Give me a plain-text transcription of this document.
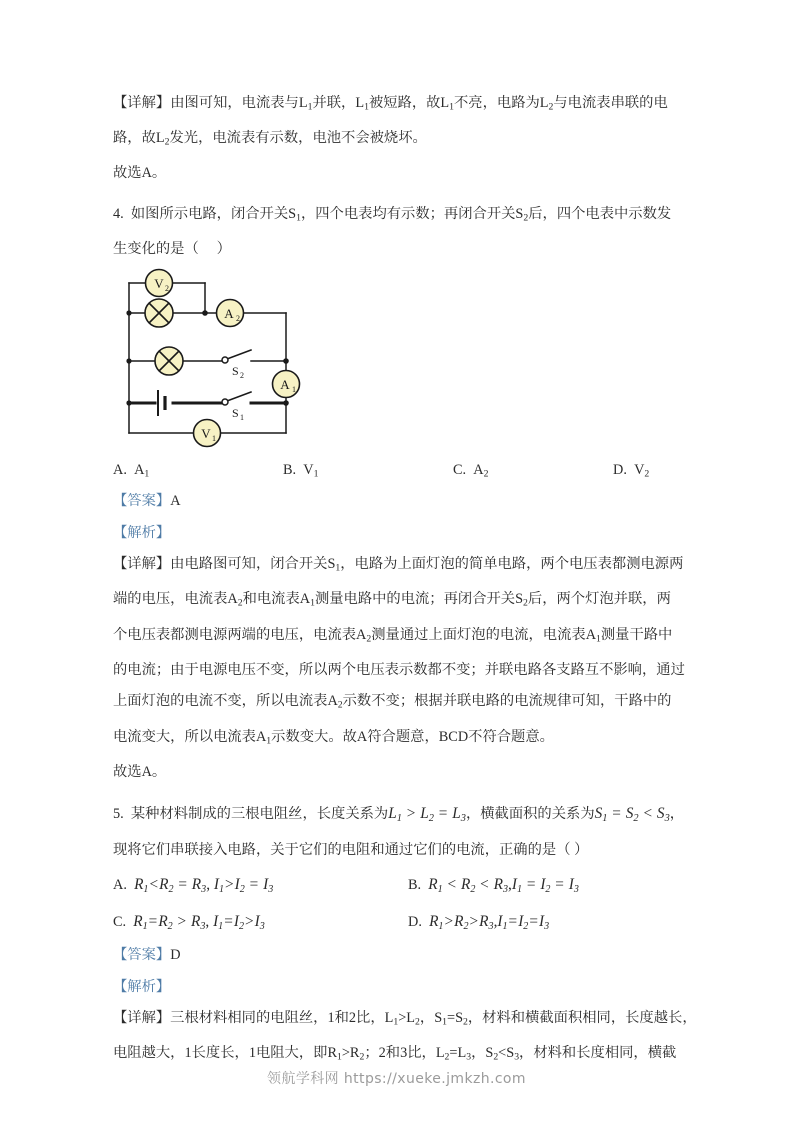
【详解】由图可知，电流表与$L_1$并联，$L_1$被短路，故$L_1$不亮，电路为$L_2$与电流表串联的电
路，故$L_2$发光，电流表有示数，电池不会被烧坏。
故选A。
4.  如图所示电路，闭合开关$S_1$，四个电表均有示数；再闭合开关$S_2$后，四个电表中示数发
生变化的是（     ）
V 2
A 2
A 1
V 1
S 2
S 1
A.  $A_1$	B.  $V_1$	C.  $A_2$	D.  $V_2$
【答案】A
【解析】
【详解】由电路图可知，闭合开关$S_1$，电路为上面灯泡的简单电路，两个电压表都测电源两
端的电压，电流表$A_2$和电流表$A_1$测量电路中的电流；再闭合开关$S_2$后，两个灯泡并联，两
个电压表都测电源两端的电压，电流表$A_2$测量通过上面灯泡的电流，电流表$A_1$测量干路中
的电流；由于电源电压不变，所以两个电压表示数都不变；并联电路各支路互不影响，通过
上面灯泡的电流不变，所以电流表$A_2$示数不变；根据并联电路的电流规律可知，干路中的
电流变大，所以电流表$A_1$示数变大。故A符合题意，BCD不符合题意。
故选A。
5.  某种材料制成的三根电阻丝，长度关系为$L_1 > L_2 = L_3$，横截面积的关系为$S_1 = S_2 < S_3$，
现将它们串联接入电路，关于它们的电阻和通过它们的电流，正确的是（ ）
A.  $R_1<R_2 = R_3$, $I_1>I_2 = I_3$	B.  $R_1 < R_2 < R_3,I_1 = I_2 = I_3$
C.  $R_1=R_2 > R_3$, $I_1=I_2>I_3$	D.  $R_1>R_2>R_3,I_1=I_2=I_3$
【答案】D
【解析】
【详解】三根材料相同的电阻丝，1和2比，$L_1>L_2$，$S_1=S_2$，材料和横截面积相同，长度越长，
电阻越大，1长度长，1电阻大，即$R_1>R_2$；2和3比，$L_2=L_3$，$S_2<S_3$，材料和长度相同，横截
领航学科网 https://xueke.jmkzh.com
